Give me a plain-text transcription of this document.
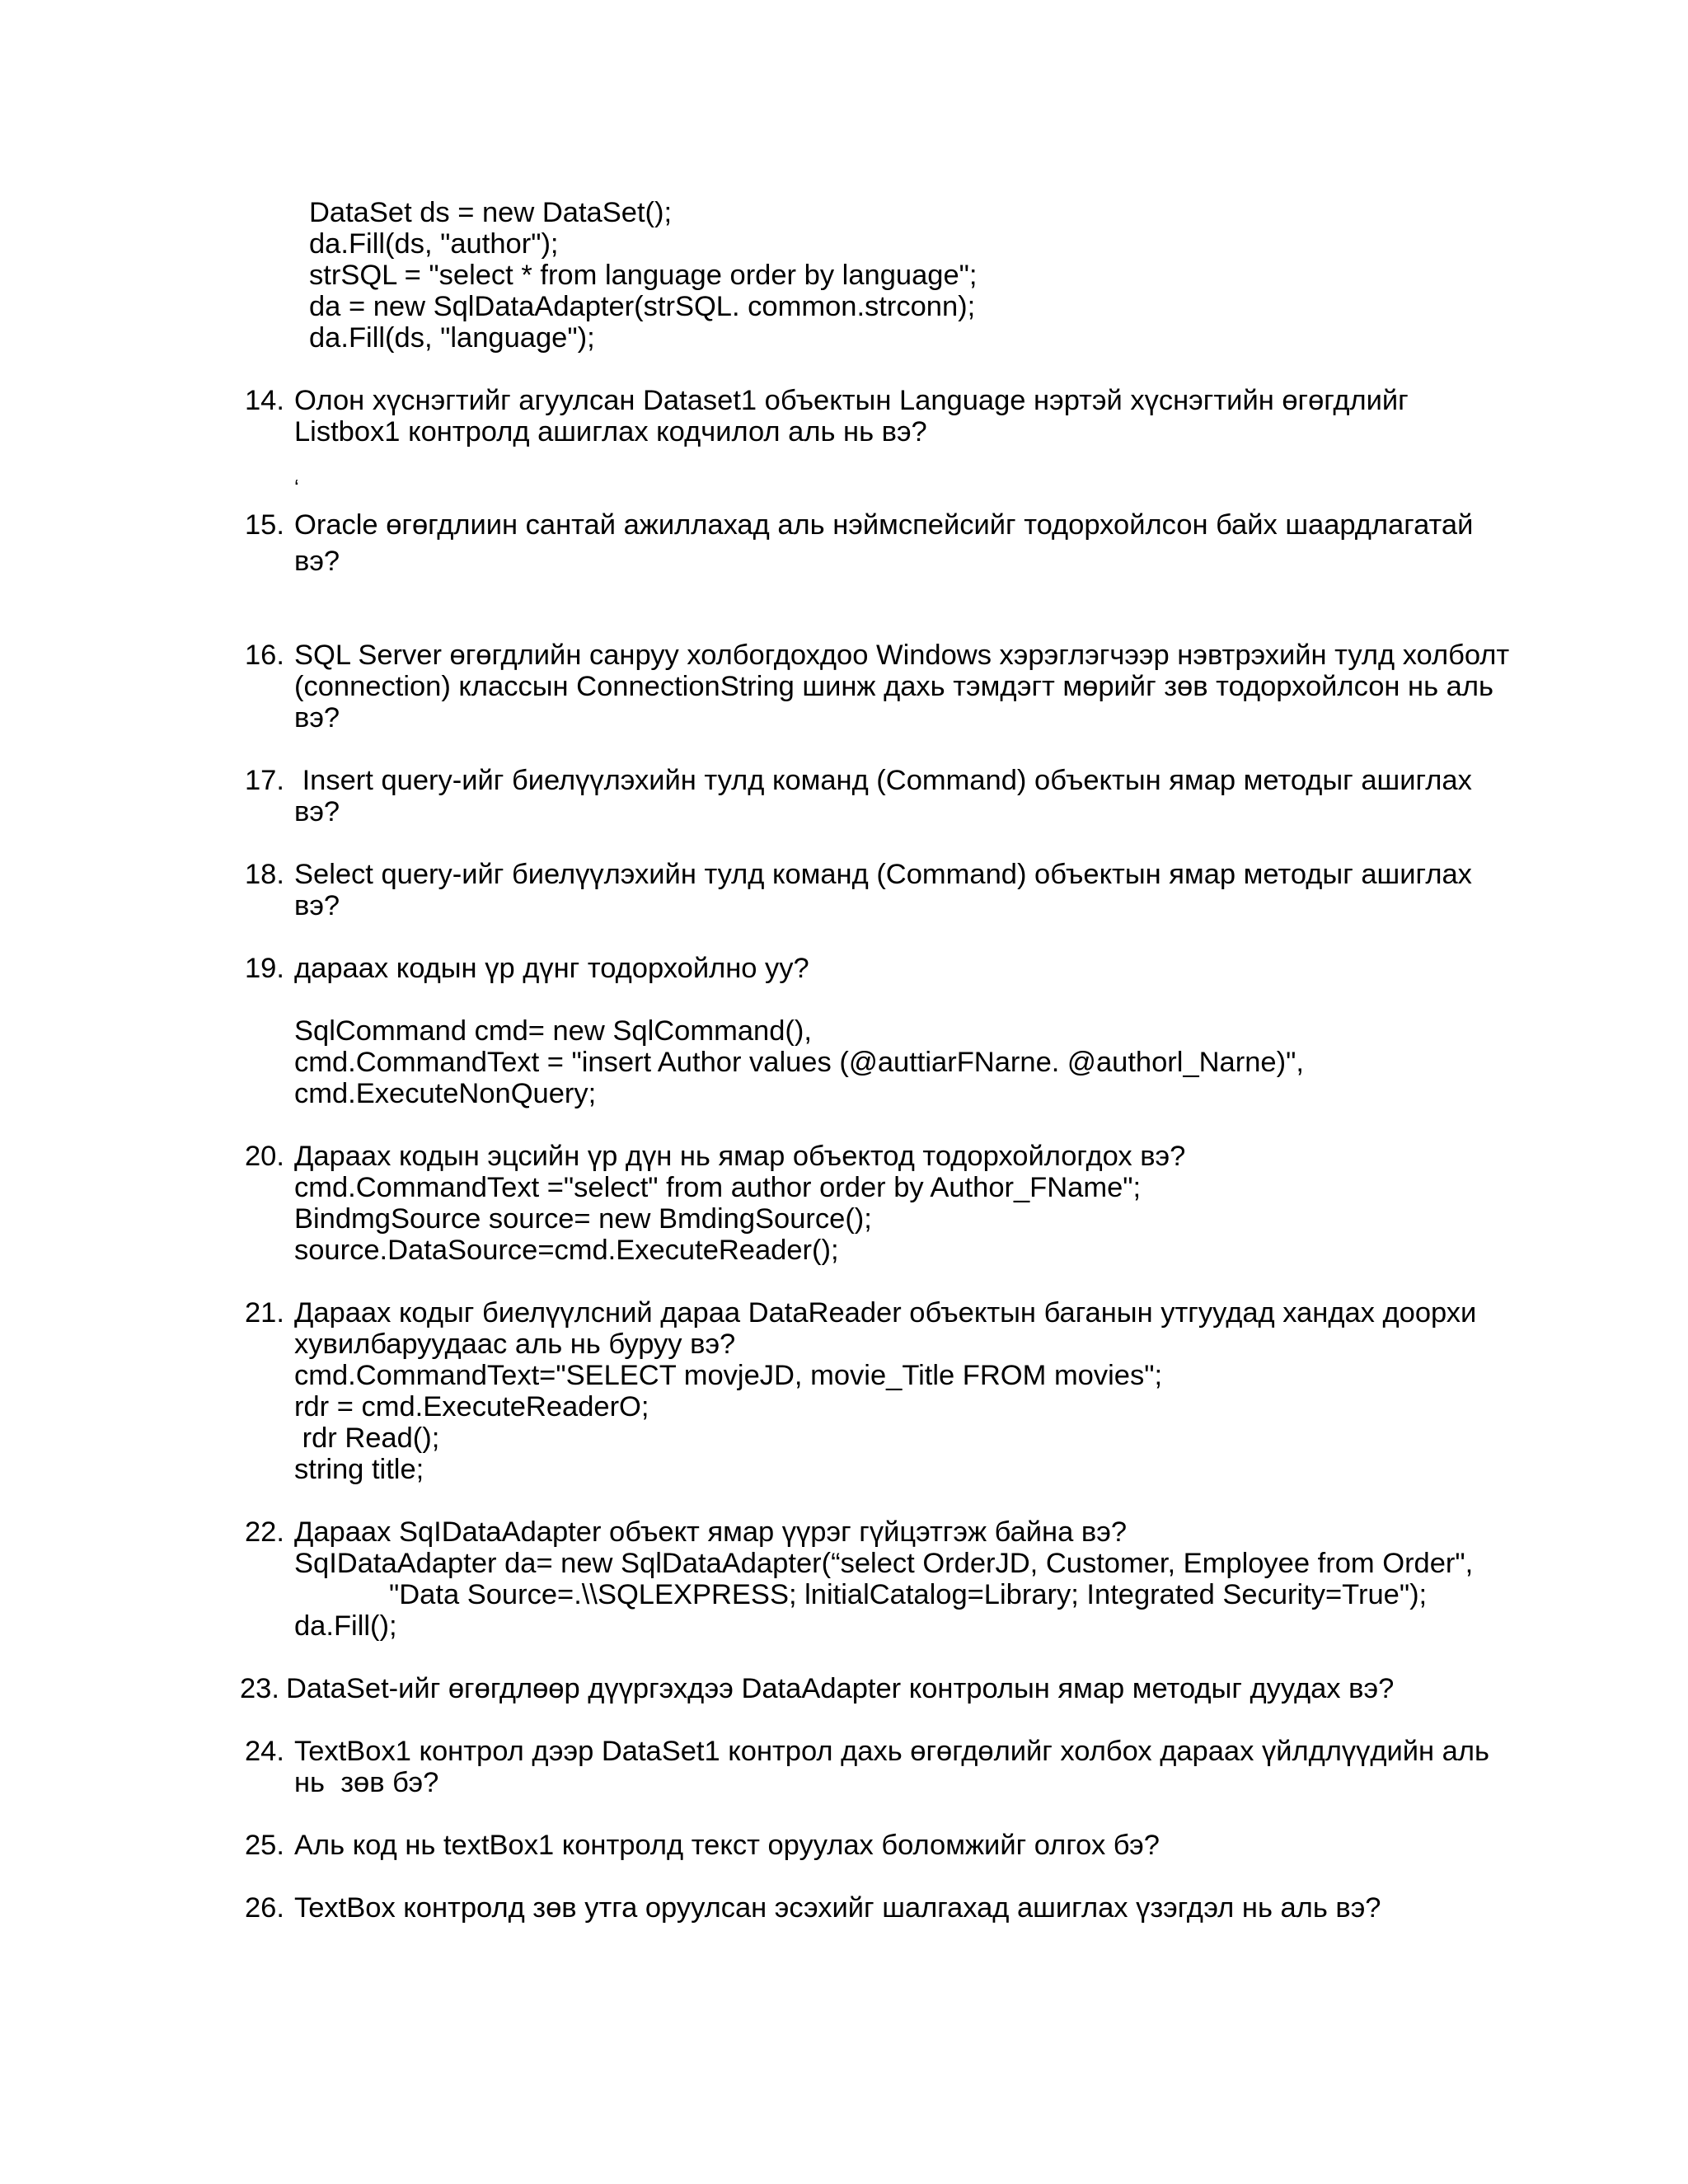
DataSet ds = new DataSet();

da.Fill(ds, "author");

strSQL = "select * from language order by language";

da = new SqlDataAdapter(strSQL. common.strconn);

da.Fill(ds, "language");

14. Олон хүснэгтийг агуулсан Dataset1 объектын Language нэртэй хүснэгтийн өгөгдлийг

Listbox1 контролд ашиглах кодчилол аль нь вэ?

‘

15. Oracle өгөгдлиин сантай ажиллахад аль нэймспейсийг тодорхойлсон байх шаардлагатай

вэ?

16. SQL Server өгөгдлийн санруу холбогдохдоо Windows хэрэглэгчээр нэвтрэхийн тулд холболт

(connection) классын ConnectionString шинж дахь тэмдэгт мөрийг зөв тодорхойлсон нь аль

вэ?

17. Insert query-ийг биелүүлэхийн тулд команд (Command) объектын ямар методыг ашиглах

вэ?

18. Select query-ийг биелүүлэхийн тулд команд (Command) объектын ямар методыг ашиглах

вэ?

19. дараах кодын үр дүнг тодорхойлно уу?

SqlCommand cmd= new SqlCommand(),

cmd.CommandText = "insert Author values (@auttiarFNarne. @authorl_Narne)",

cmd.ExecuteNonQuery;

20. Дараах кодын эцсийн үр дүн нь ямар объектод тодорхойлогдох вэ?

cmd.CommandText ="select" from author order by Author_FName";

BindmgSource source= new BmdingSource();

source.DataSource=cmd.ExecuteReader();

21. Дараах кодыг биелүүлсний дараа DataReader объектын баганын утгуудад хандах доорхи

хувилбаруудаас аль нь буруу вэ?

cmd.CommandText="SELECT movjeJD, movie_Title FROM movies";

rdr = cmd.ExecuteReaderO;

rdr Read();

string title;

22. Дараах SqIDataAdapter объект ямар үүрэг гүйцэтгэж байна вэ?

SqIDataAdapter da= new SqlDataAdapter(“select OrderJD, Customer, Employee from Order",

"Data Source=.\\SQLEXPRESS; lnitialCatalog=Library; Integrated Security=True");

da.Fill();

23. DataSet-ийг өгөгдлөөр дүүргэхдээ DataAdapter контролын ямар методыг дуудах вэ?

24. TextBox1 контрол дээр DataSet1 контрол дахь өгөгдөлийг холбох дараах үйлдлүүдийн аль

нь  зөв бэ?

25. Аль код нь textBox1 контролд текст оруулах боломжийг олгох бэ?

26. TextBox контролд зөв утга оруулсан эсэхийг шалгахад ашиглах үзэгдэл нь аль вэ?
